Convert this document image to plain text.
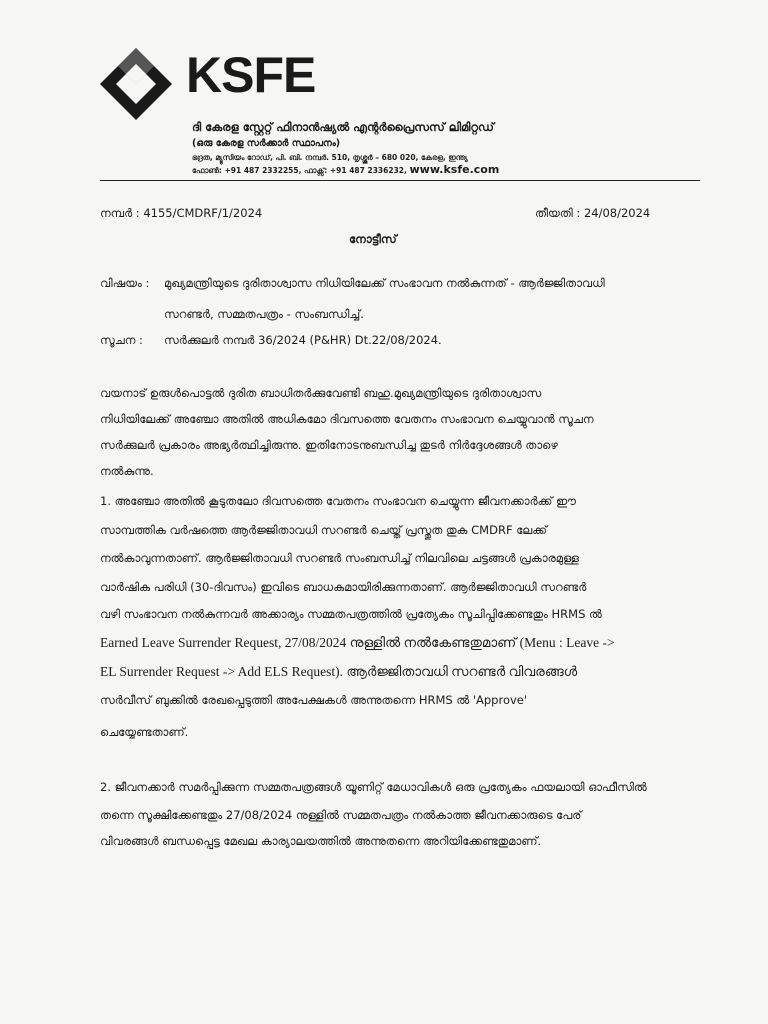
KSFE
ദി കേരള സ്റ്റേറ്റ് ഫിനാൻഷ്യൽ എന്റർപ്രൈസസ് ലിമിറ്റഡ്
(ഒരു കേരള സർക്കാർ സ്ഥാപനം)
ഭദ്രത, മ്യൂസിയം റോഡ്, പി. ബി. നമ്പർ. 510, തൃശ്ശൂർ – 680 020, കേരള, ഇന്ത്യ
ഫോൺ: +91 487 2332255, ഫാക്സ്: +91 487 2336232, www.ksfe.com
നമ്പർ : 4155/CMDRF/1/2024	തീയതി : 24/08/2024
നോട്ടീസ്
വിഷയം : മുഖ്യമന്ത്രിയുടെ ദുരിതാശ്വാസ നിധിയിലേക്ക് സംഭാവന നൽകുന്നത് - ആർജ്ജിതാവധി
സറണ്ടർ, സമ്മതപത്രം - സംബന്ധിച്ച്.
സൂചന : സർക്കുലർ നമ്പർ 36/2024 (P&HR) Dt.22/08/2024.
വയനാട് ഉരുൾപൊട്ടൽ ദുരിത ബാധിതർക്കുവേണ്ടി ബഹു.മുഖ്യമന്ത്രിയുടെ ദുരിതാശ്വാസ
നിധിയിലേക്ക് അഞ്ചോ അതിൽ അധികമോ ദിവസത്തെ വേതനം സംഭാവന ചെയ്യുവാൻ സൂചന
സർക്കുലർ പ്രകാരം അഭ്യർത്ഥിച്ചിരുന്നു. ഇതിനോടനുബന്ധിച്ച തുടർ നിർദ്ദേശങ്ങൾ താഴെ
നൽകുന്നു.
1. അഞ്ചോ അതിൽ കൂടുതലോ ദിവസത്തെ വേതനം സംഭാവന ചെയ്യുന്ന ജീവനക്കാർക്ക് ഈ
സാമ്പത്തിക വർഷത്തെ ആർജ്ജിതാവധി സറണ്ടർ ചെയ്ത് പ്രസ്തുത തുക CMDRF ലേക്ക്
നൽകാവുന്നതാണ്. ആർജ്ജിതാവധി സറണ്ടർ സംബന്ധിച്ച് നിലവിലെ ചട്ടങ്ങൾ പ്രകാരമുള്ള
വാർഷിക പരിധി (30-ദിവസം) ഇവിടെ ബാധകമായിരിക്കുന്നതാണ്. ആർജ്ജിതാവധി സറണ്ടർ
വഴി സംഭാവന നൽകുന്നവർ അക്കാര്യം സമ്മതപത്രത്തിൽ പ്രത്യേകം സൂചിപ്പിക്കേണ്ടതും HRMS ൽ
Earned Leave Surrender Request, 27/08/2024 നുള്ളിൽ നൽകേണ്ടതുമാണ് (Menu : Leave ->
EL Surrender Request -> Add ELS Request). ആർജ്ജിതാവധി സറണ്ടർ വിവരങ്ങൾ
സർവീസ് ബുക്കിൽ രേഖപ്പെടുത്തി അപേക്ഷകൾ അന്നുതന്നെ HRMS ൽ 'Approve'
ചെയ്യേണ്ടതാണ്.
2. ജീവനക്കാർ സമർപ്പിക്കുന്ന സമ്മതപത്രങ്ങൾ യൂണിറ്റ് മേധാവികൾ ഒരു പ്രത്യേകം ഫയലായി ഓഫീസിൽ
തന്നെ സൂക്ഷിക്കേണ്ടതും 27/08/2024 നുള്ളിൽ സമ്മതപത്രം നൽകാത്ത ജീവനക്കാരുടെ പേര്
വിവരങ്ങൾ ബന്ധപ്പെട്ട മേഖല കാര്യാലയത്തിൽ അന്നുതന്നെ അറിയിക്കേണ്ടതുമാണ്.
